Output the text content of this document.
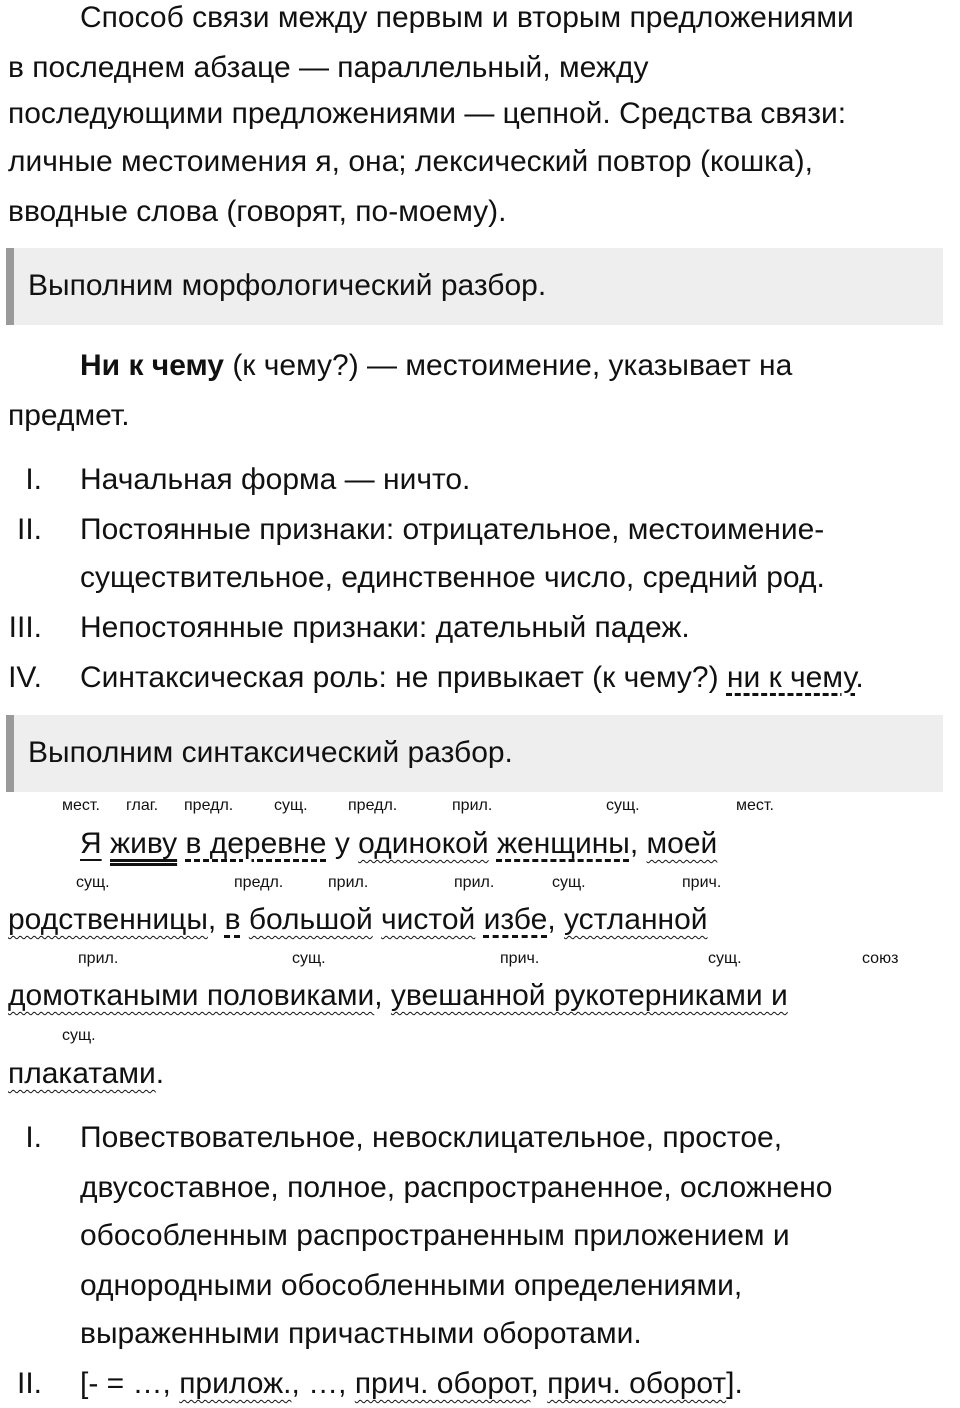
Способ связи между первым и вторым предложениями
в последнем абзаце — параллельный, между
последующими предложениями — цепной. Средства связи:
личные местоимения я, она; лексический повтор (кошка),
вводные слова (говорят, по-моему).
Выполним морфологический разбор.
Ни к чему (к чему?) — местоимение, указывает на
предмет.
I. Начальная форма — ничто.
II. Постоянные признаки: отрицательное, местоимение-
существительное, единственное число, средний род.
III. Непостоянные признаки: дательный падеж.
IV. Синтаксическая роль: не привыкает (к чему?) ни к чему.
Выполним синтаксический разбор.
мест. глаг. предл.	сущ.	предл.	прил.	сущ.	мест.
Я живу в деревне у одинокой женщины, моей
сущ.	предл.	прил.	прил.	сущ.	прич.
родственницы, в большой чистой избе, устланной
прил.	сущ.	прич.	сущ.	союз
домоткаными половиками, увешанной рукотерниками и
сущ.
плакатами.
I. Повествовательное, невосклицательное, простое,
двусоставное, полное, распространенное, осложнено
обособленным распространенным приложением и
однородными обособленными определениями,
выраженными причастными оборотами.
II. [- = …, прилож., …, прич. оборот, прич. оборот].
